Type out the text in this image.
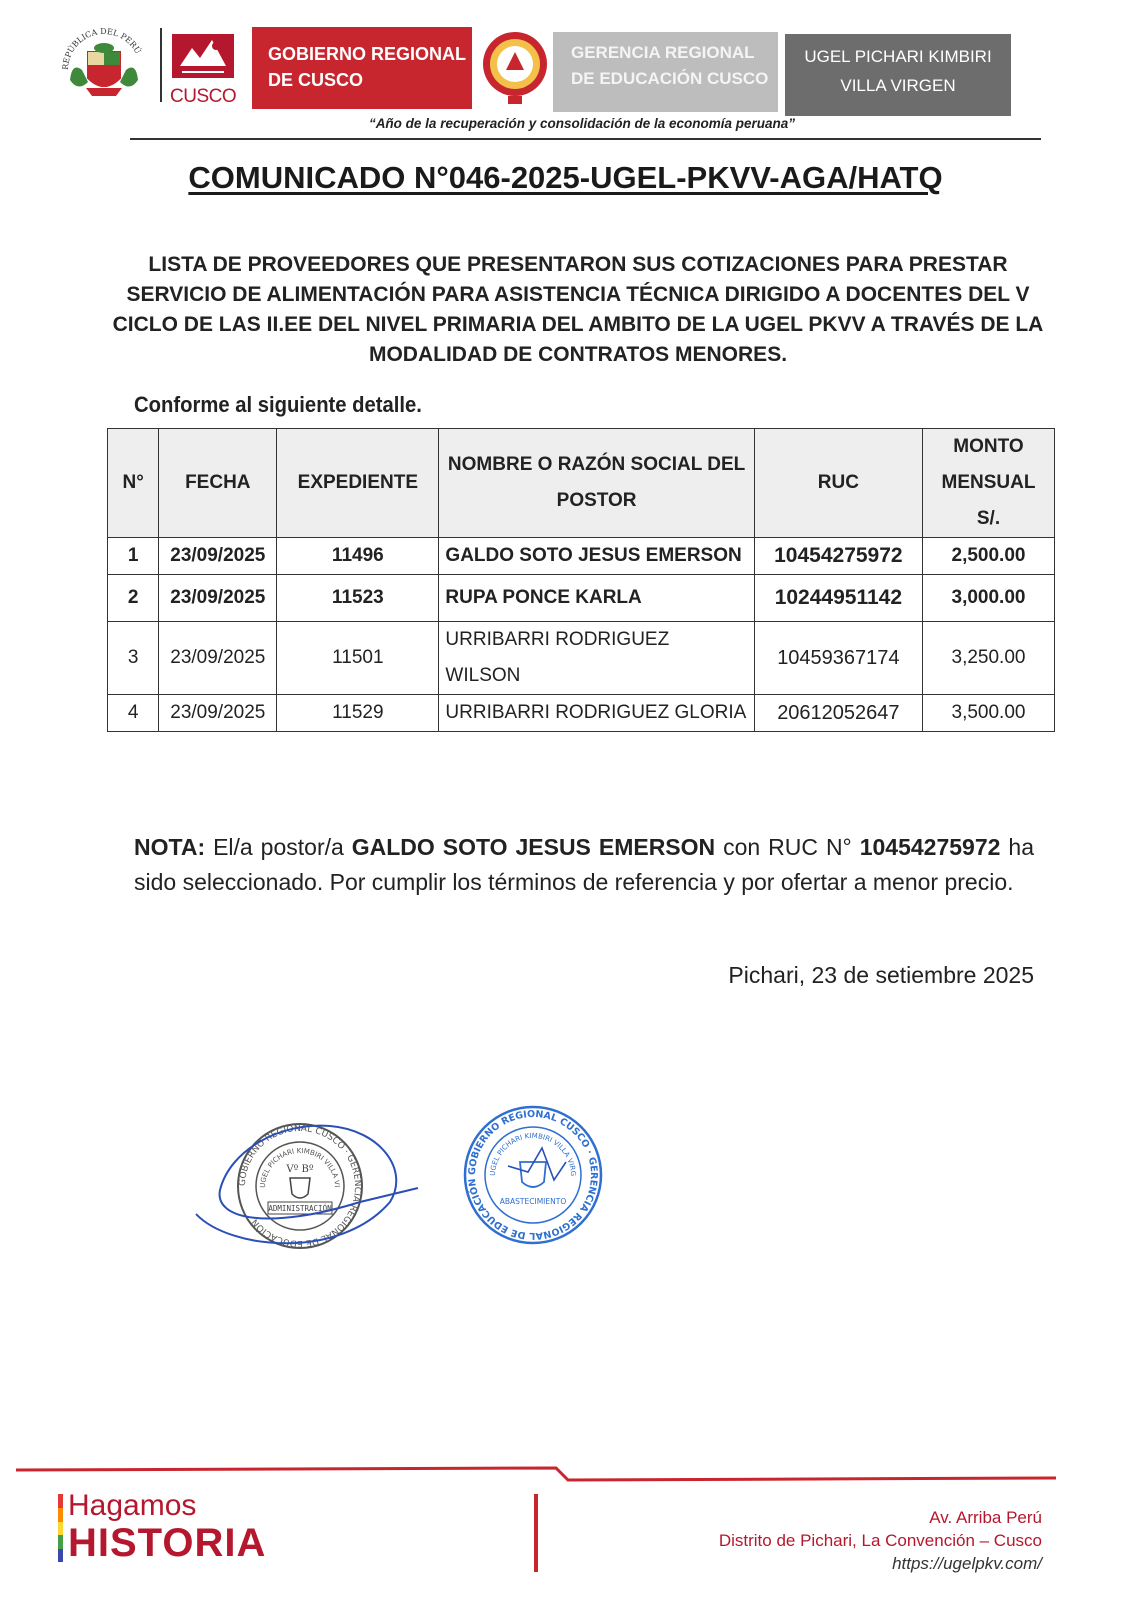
REPÚBLICA DEL PERÚ
CUSCO
GOBIERNO REGIONAL
DE CUSCO
GERENCIA REGIONAL
DE EDUCACIÓN CUSCO
UGEL PICHARI KIMBIRI
VILLA VIRGEN
“Año de la recuperación y consolidación de la economía peruana”
COMUNICADO N°046-2025-UGEL-PKVV-AGA/HATQ
LISTA DE PROVEEDORES QUE PRESENTARON SUS COTIZACIONES PARA PRESTAR SERVICIO DE ALIMENTACIÓN PARA ASISTENCIA TÉCNICA DIRIGIDO A DOCENTES DEL V CICLO DE LAS II.EE DEL NIVEL PRIMARIA DEL AMBITO DE LA UGEL PKVV A TRAVÉS DE LA MODALIDAD DE CONTRATOS MENORES.
Conforme al siguiente detalle.
N°	FECHA	EXPEDIENTE	NOMBRE O RAZÓN SOCIAL DEL POSTOR	RUC	MONTO MENSUAL S/.
1	23/09/2025	11496	GALDO SOTO JESUS EMERSON	10454275972	2,500.00
2	23/09/2025	11523	RUPA PONCE KARLA	10244951142	3,000.00
3	23/09/2025	11501	URRIBARRI RODRIGUEZ WILSON	10459367174	3,250.00
4	23/09/2025	11529	URRIBARRI RODRIGUEZ GLORIA	20612052647	3,500.00
NOTA: El/a postor/a GALDO SOTO JESUS EMERSON con RUC N° 10454275972 ha sido seleccionado. Por cumplir los términos de referencia y por ofertar a menor precio.
Pichari, 23 de setiembre 2025
GOBIERNO REGIONAL CUSCO · GERENCIA REGIONAL DE EDUCACIÓN
UGEL PICHARI KIMBIRI VILLA VI
Vº Bº
ADMINISTRACIÓN
GOBIERNO REGIONAL CUSCO · GERENCIA REGIONAL DE EDUCACIÓN
UGEL PICHARI KIMBIRI VILLA VIRG
ABASTECIMIENTO
Hagamos
HISTORIA
Av. Arriba Perú
Distrito de Pichari, La Convención – Cusco
https://ugelpkv.com/
